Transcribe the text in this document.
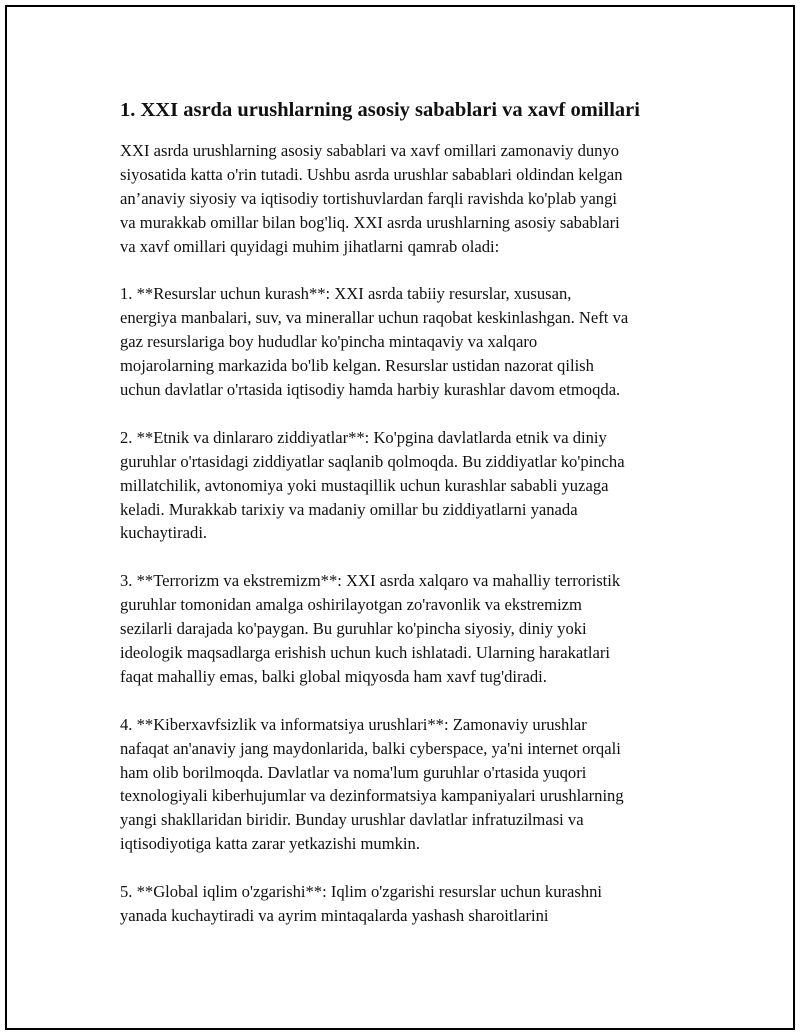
1. XXI asrda urushlarning asosiy sabablari va xavf omillari
XXI asrda urushlarning asosiy sabablari va xavf omillari zamonaviy dunyo
siyosatida katta o'rin tutadi. Ushbu asrda urushlar sabablari oldindan kelgan
an’anaviy siyosiy va iqtisodiy tortishuvlardan farqli ravishda ko'plab yangi
va murakkab omillar bilan bog'liq. XXI asrda urushlarning asosiy sabablari
va xavf omillari quyidagi muhim jihatlarni qamrab oladi:
1. **Resurslar uchun kurash**: XXI asrda tabiiy resurslar, xususan,
energiya manbalari, suv, va minerallar uchun raqobat keskinlashgan. Neft va
gaz resurslariga boy hududlar ko'pincha mintaqaviy va xalqaro
mojarolarning markazida bo'lib kelgan. Resurslar ustidan nazorat qilish
uchun davlatlar o'rtasida iqtisodiy hamda harbiy kurashlar davom etmoqda.
2. **Etnik va dinlararo ziddiyatlar**: Ko'pgina davlatlarda etnik va diniy
guruhlar o'rtasidagi ziddiyatlar saqlanib qolmoqda. Bu ziddiyatlar ko'pincha
millatchilik, avtonomiya yoki mustaqillik uchun kurashlar sababli yuzaga
keladi. Murakkab tarixiy va madaniy omillar bu ziddiyatlarni yanada
kuchaytiradi.
3. **Terrorizm va ekstremizm**: XXI asrda xalqaro va mahalliy terroristik
guruhlar tomonidan amalga oshirilayotgan zo'ravonlik va ekstremizm
sezilarli darajada ko'paygan. Bu guruhlar ko'pincha siyosiy, diniy yoki
ideologik maqsadlarga erishish uchun kuch ishlatadi. Ularning harakatlari
faqat mahalliy emas, balki global miqyosda ham xavf tug'diradi.
4. **Kiberxavfsizlik va informatsiya urushlari**: Zamonaviy urushlar
nafaqat an'anaviy jang maydonlarida, balki cyberspace, ya'ni internet orqali
ham olib borilmoqda. Davlatlar va noma'lum guruhlar o'rtasida yuqori
texnologiyali kiberhujumlar va dezinformatsiya kampaniyalari urushlarning
yangi shakllaridan biridir. Bunday urushlar davlatlar infratuzilmasi va
iqtisodiyotiga katta zarar yetkazishi mumkin.
5. **Global iqlim o'zgarishi**: Iqlim o'zgarishi resurslar uchun kurashni
yanada kuchaytiradi va ayrim mintaqalarda yashash sharoitlarini
